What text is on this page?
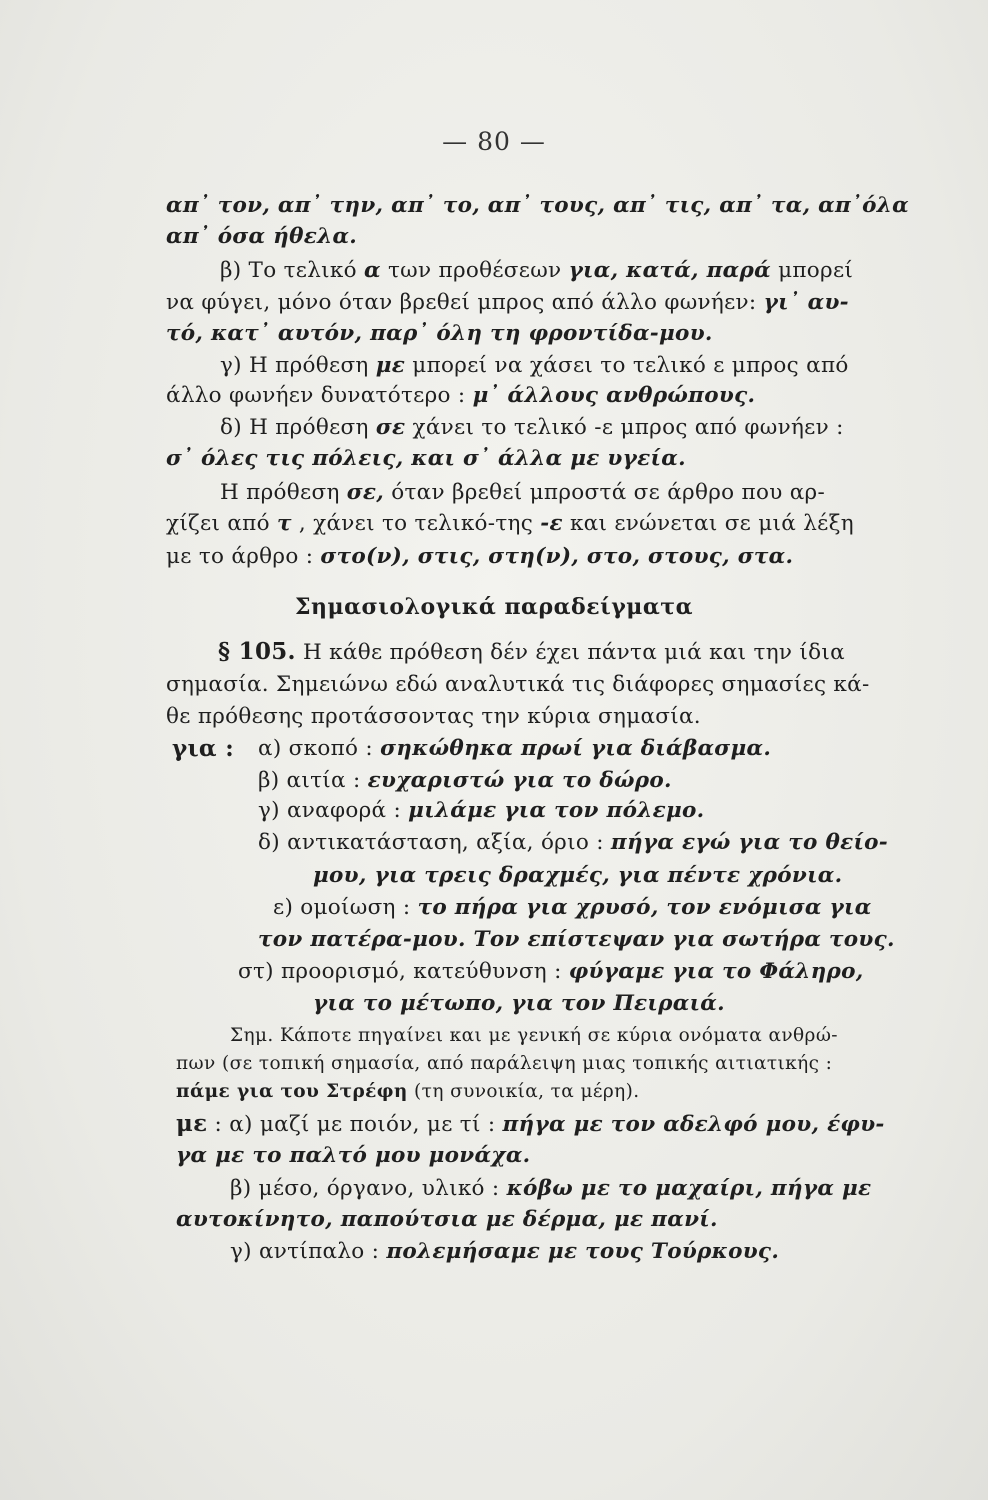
— 80 —
απ᾽ τον, απ᾽ την, απ᾽ το, απ᾽ τους, απ᾽ τις, απ᾽ τα, απ᾽όλα
απ᾽ όσα ήθελα.
β) Το τελικό α των προθέσεων για, κατά, παρά μπορεί
να φύγει, μόνο όταν βρεθεί μπρος από άλλο φωνήεν: γι᾽ αυ-
τό, κατ᾽ αυτόν, παρ᾽ όλη τη φροντίδα-μου.
γ) Η πρόθεση με μπορεί να χάσει το τελικό ε μπρος από
άλλο φωνήεν δυνατότερο : μ᾽ άλλους ανθρώπους.
δ) Η πρόθεση σε χάνει το τελικό -ε μπρος από φωνήεν :
σ᾽ όλες τις πόλεις, και σ᾽ άλλα με υγεία.
Η πρόθεση σε, όταν βρεθεί μπροστά σε άρθρο που αρ-
χίζει από τ , χάνει το τελικό-της -ε και ενώνεται σε μιά λέξη
με το άρθρο : στο(ν), στις, στη(ν), στο, στους, στα.
Σημασιολογικά παραδείγματα
§ 105. Η κάθε πρόθεση δέν έχει πάντα μιά και την ίδια
σημασία. Σημειώνω εδώ αναλυτικά τις διάφορες σημασίες κά-
θε πρόθεσης προτάσσοντας την κύρια σημασία.
για : α) σκοπό : σηκώθηκα πρωί για διάβασμα.
β) αιτία : ευχαριστώ για το δώρο.
γ) αναφορά : μιλάμε για τον πόλεμο.
δ) αντικατάσταση, αξία, όριο : πήγα εγώ για το θείο-
μου, για τρεις δραχμές, για πέντε χρόνια.
ε) ομοίωση : το πήρα για χρυσό, τον ενόμισα για
τον πατέρα-μου. Τον επίστεψαν για σωτήρα τους.
στ) προορισμό, κατεύθυνση : φύγαμε για το Φάληρο,
για το μέτωπο, για τον Πειραιά.
Σημ. Κάποτε πηγαίνει και με γενική σε κύρια ονόματα ανθρώ-
πων (σε τοπική σημασία, από παράλειψη μιας τοπικής αιτιατικής :
πάμε για του Στρέφη (τη συνοικία, τα μέρη).
με : α) μαζί με ποιόν, με τί : πήγα με τον αδελφό μου, έφυ-
γα με το παλτό μου μονάχα.
β) μέσο, όργανο, υλικό : κόβω με το μαχαίρι, πήγα με
αυτοκίνητο, παπούτσια με δέρμα, με πανί.
γ) αντίπαλο : πολεμήσαμε με τους Τούρκους.
